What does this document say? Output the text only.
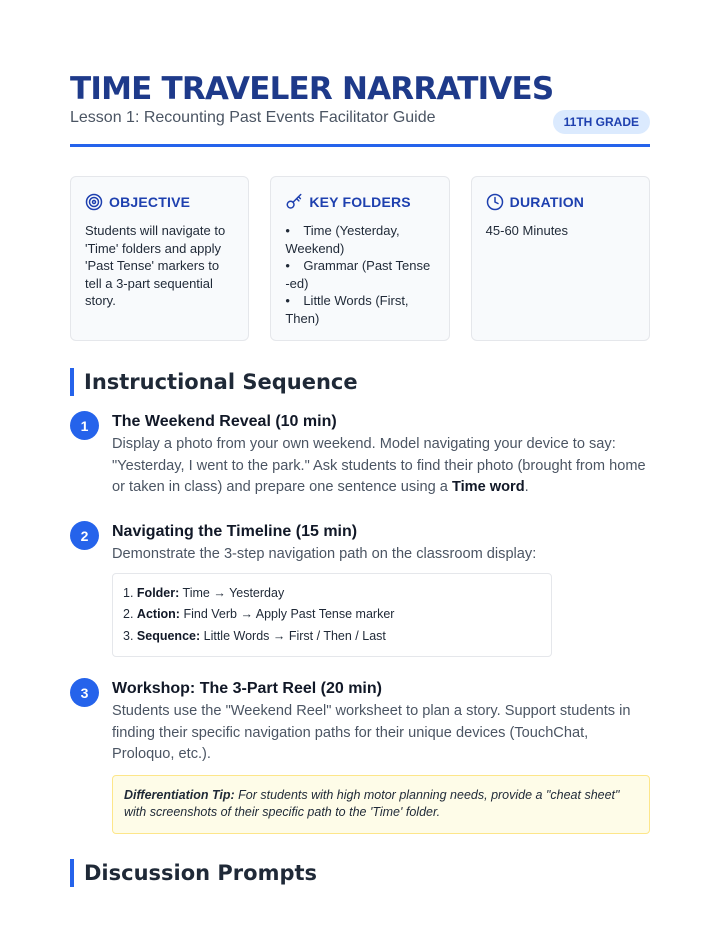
TIME TRAVELER NARRATIVES
Lesson 1: Recounting Past Events Facilitator Guide	11TH GRADE
OBJECTIVE
Students will navigate to 'Time' folders and apply 'Past Tense' markers to tell a 3-part sequential story.
KEY FOLDERS
• Time (Yesterday, Weekend)
• Grammar (Past Tense -ed)
• Little Words (First, Then)
DURATION
45-60 Minutes
Instructional Sequence
1	The Weekend Reveal (10 min)
Display a photo from your own weekend. Model navigating your device to say: "Yesterday, I went to the park." Ask students to find their photo (brought from home or taken in class) and prepare one sentence using a Time word.
2	Navigating the Timeline (15 min)
Demonstrate the 3-step navigation path on the classroom display:
1. Folder: Time → Yesterday
2. Action: Find Verb → Apply Past Tense marker
3. Sequence: Little Words → First / Then / Last
3	Workshop: The 3-Part Reel (20 min)
Students use the "Weekend Reel" worksheet to plan a story. Support students in finding their specific navigation paths for their unique devices (TouchChat, Proloquo, etc.).
Differentiation Tip: For students with high motor planning needs, provide a "cheat sheet" with screenshots of their specific path to the 'Time' folder.
Discussion Prompts
